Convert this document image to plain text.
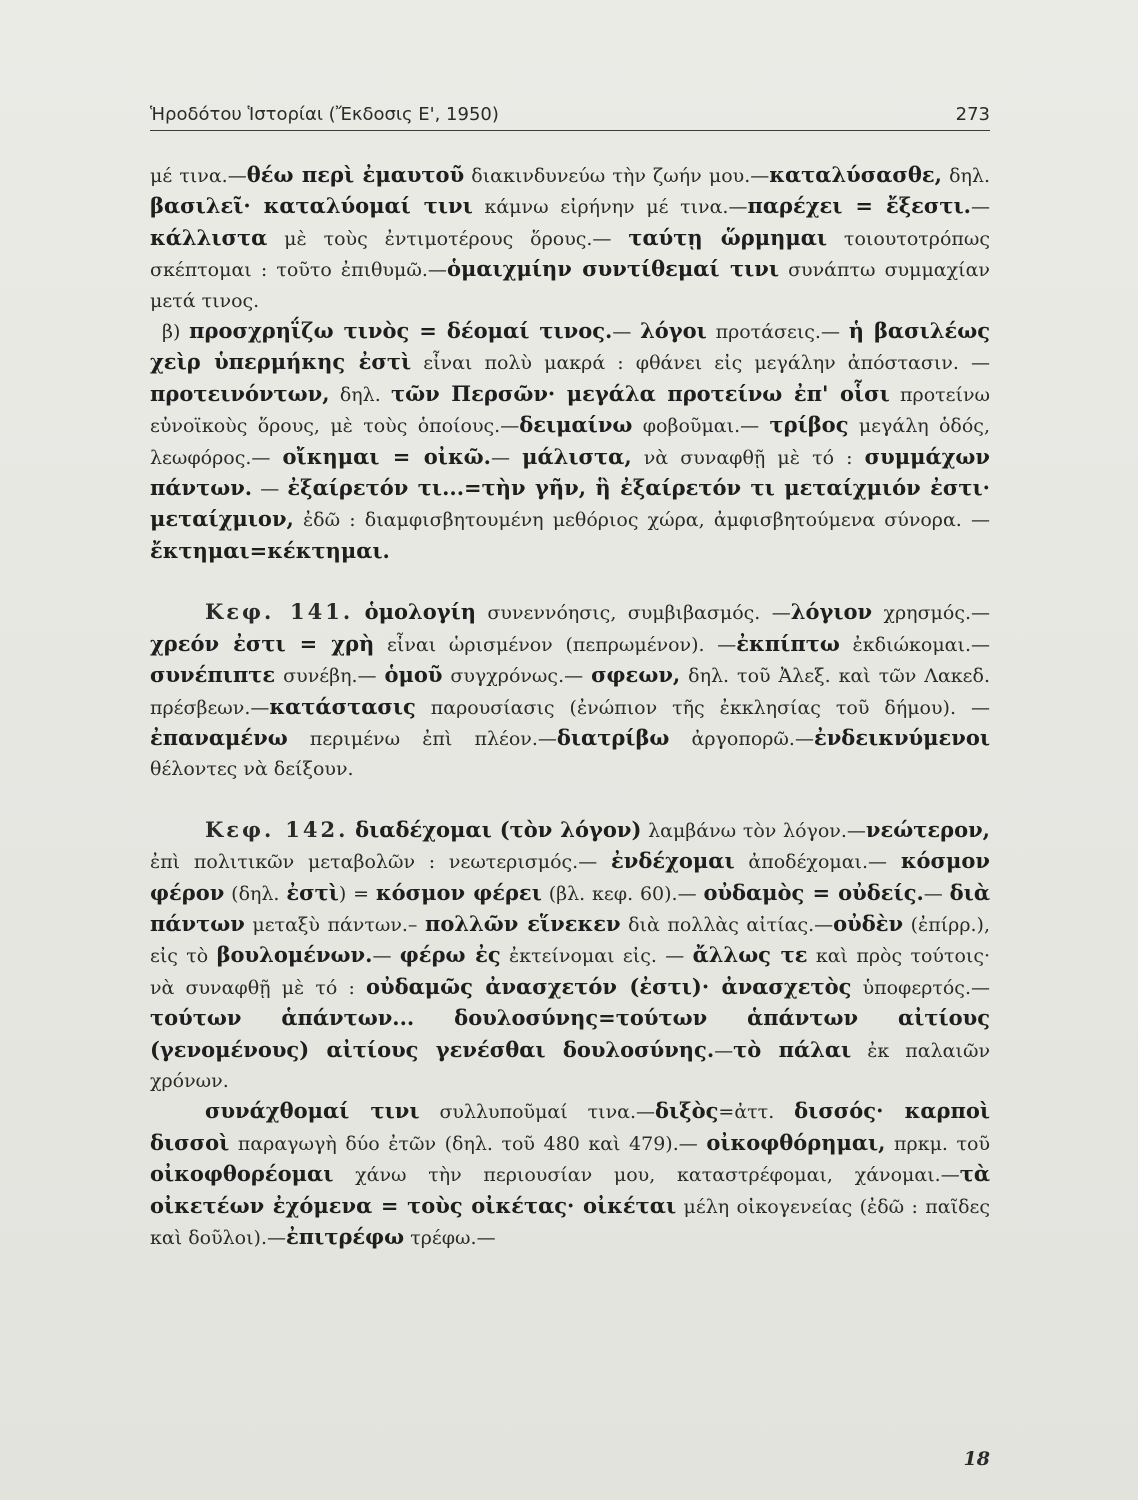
Ἡροδότου Ἱστορίαι (Ἔκδοσις Ε', 1950)	273

μέ τινα.—θέω περὶ ἐμαυτοῦ διακινδυνεύω τὴν ζωήν μου.—καταλύσασθε, δηλ. βασιλεῖ· καταλύομαί τινι κάμνω εἰρήνην μέ τινα.—παρέχει = ἔξεστι.— κάλλιστα μὲ τοὺς ἐντιμοτέρους ὅρους.— ταύτῃ ὥρμημαι τοιουτοτρόπως σκέπτομαι : τοῦτο ἐπιθυμῶ.—ὁμαιχμίην συντίθεμαί τινι συνάπτω συμμαχίαν μετά τινος.

β) προσχρηΐζω τινὸς = δέομαί τινος.— λόγοι προτάσεις.— ἡ βασιλέως χεὶρ ὑπερμήκης ἐστὶ εἶναι πολὺ μακρά : φθάνει εἰς μεγάλην ἀπόστασιν. — προτεινόντων, δηλ. τῶν Περσῶν· μεγάλα προτείνω ἐπ' οἷσι προτείνω εὐνοϊκοὺς ὅρους, μὲ τοὺς ὁποίους.—δειμαίνω φοβοῦμαι.— τρίβος μεγάλη ὁδός, λεωφόρος.— οἴκημαι = οἰκῶ.— μάλιστα, νὰ συναφθῇ μὲ τό : συμμάχων πάντων. — ἐξαίρετόν τι...=τὴν γῆν, ἣ ἐξαίρετόν τι μεταίχμιόν ἐστι· μεταίχμιον, ἐδῶ : διαμφισβητουμένη μεθόριος χώρα, ἀμφισβητούμενα σύνορα. — ἔκτημαι=κέκτημαι.

Κεφ. 141. ὁμολογίη συνεννόησις, συμβιβασμός. —λόγιον χρησμός.—χρεόν ἐστι = χρὴ εἶναι ὡρισμένον (πεπρωμένον). —ἐκπίπτω ἐκδιώκομαι.—συνέπιπτε συνέβη.— ὁμοῦ συγχρόνως.— σφεων, δηλ. τοῦ Ἀλεξ. καὶ τῶν Λακεδ. πρέσβεων.—κατάστασις παρουσίασις (ἐνώπιον τῆς ἐκκλησίας τοῦ δήμου). — ἐπαναμένω περιμένω ἐπὶ πλέον.—διατρίβω ἀργοπορῶ.—ἐνδεικνύμενοι θέλοντες νὰ δείξουν.

Κεφ. 142. διαδέχομαι (τὸν λόγον) λαμβάνω τὸν λόγον.—νεώτερον, ἐπὶ πολιτικῶν μεταβολῶν : νεωτερισμός.— ἐνδέχομαι ἀποδέχομαι.— κόσμον φέρον (δηλ. ἐστὶ) = κόσμον φέρει (βλ. κεφ. 60).— οὐδαμὸς = οὐδείς.— διὰ πάντων μεταξὺ πάντων.– πολλῶν εἵνεκεν διὰ πολλὰς αἰτίας.—οὐδὲν (ἐπίρρ.), εἰς τὸ βουλομένων.— φέρω ἐς ἐκτείνομαι εἰς. — ἄλλως τε καὶ πρὸς τούτοις· νὰ συναφθῇ μὲ τό : οὐδαμῶς ἀνασχετόν (ἐστι)· ἀνασχετὸς ὑποφερτός.—τούτων ἁπάντων... δουλοσύνης=τούτων ἁπάντων αἰτίους (γενομένους) αἰτίους γενέσθαι δουλοσύνης.—τὸ πάλαι ἐκ παλαιῶν χρόνων.

συνάχθομαί τινι συλλυποῦμαί τινα.—διξὸς=ἀττ. δισσός· καρποὶ δισσοὶ παραγωγὴ δύο ἐτῶν (δηλ. τοῦ 480 καὶ 479).— οἰκοφθόρημαι, πρκμ. τοῦ οἰκοφθορέομαι χάνω τὴν περιουσίαν μου, καταστρέφομαι, χάνομαι.—τὰ οἰκετέων ἐχόμενα = τοὺς οἰκέτας· οἰκέται μέλη οἰκογενείας (ἐδῶ : παῖδες καὶ δοῦλοι).—ἐπιτρέφω τρέφω.—

18
